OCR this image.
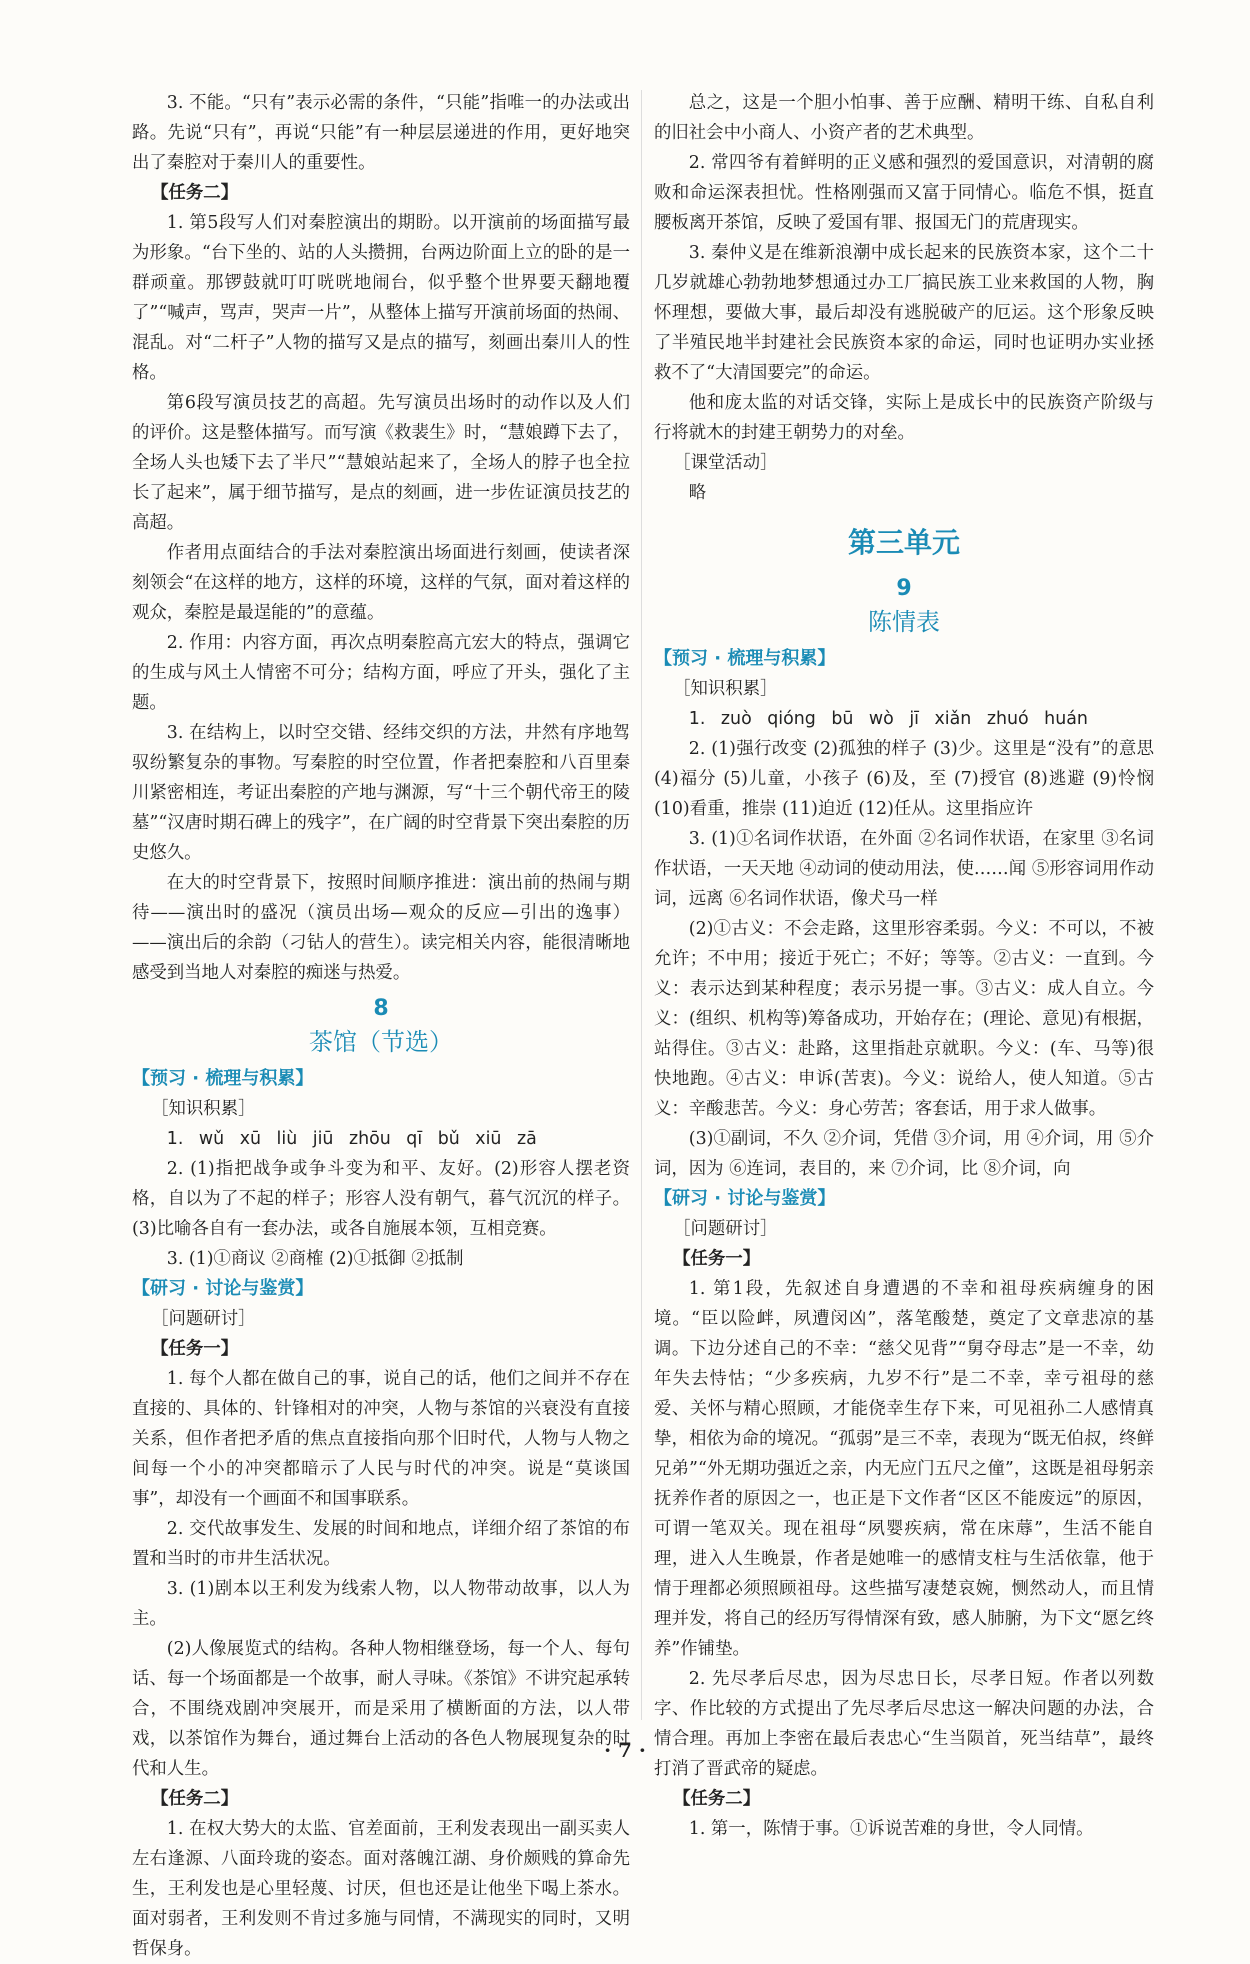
3. 不能。“只有”表示必需的条件，“只能”指唯一的办法或出路。先说“只有”，再说“只能”有一种层层递进的作用，更好地突出了秦腔对于秦川人的重要性。

【任务二】

1. 第5段写人们对秦腔演出的期盼。以开演前的场面描写最为形象。“台下坐的、站的人头攒拥，台两边阶面上立的卧的是一群顽童。那锣鼓就叮叮咣咣地闹台，似乎整个世界要天翻地覆了”“喊声，骂声，哭声一片”，从整体上描写开演前场面的热闹、混乱。对“二杆子”人物的描写又是点的描写，刻画出秦川人的性格。

第6段写演员技艺的高超。先写演员出场时的动作以及人们的评价。这是整体描写。而写演《救裴生》时，“慧娘蹲下去了，全场人头也矮下去了半尺”“慧娘站起来了，全场人的脖子也全拉长了起来”，属于细节描写，是点的刻画，进一步佐证演员技艺的高超。

作者用点面结合的手法对秦腔演出场面进行刻画，使读者深刻领会“在这样的地方，这样的环境，这样的气氛，面对着这样的观众，秦腔是最逞能的”的意蕴。

2. 作用：内容方面，再次点明秦腔高亢宏大的特点，强调它的生成与风土人情密不可分；结构方面，呼应了开头，强化了主题。

3. 在结构上，以时空交错、经纬交织的方法，井然有序地驾驭纷繁复杂的事物。写秦腔的时空位置，作者把秦腔和八百里秦川紧密相连，考证出秦腔的产地与渊源，写“十三个朝代帝王的陵墓”“汉唐时期石碑上的残字”，在广阔的时空背景下突出秦腔的历史悠久。

在大的时空背景下，按照时间顺序推进：演出前的热闹与期待——演出时的盛况（演员出场—观众的反应—引出的逸事）——演出后的余韵（刁钻人的营生）。读完相关内容，能很清晰地感受到当地人对秦腔的痴迷与热爱。

8
茶馆（节选）
【预习 · 梳理与积累】
［知识积累］

1. wǔ xū liù jiū zhōu qī bǔ xiū zā

2. (1)指把战争或争斗变为和平、友好。(2)形容人摆老资格，自以为了不起的样子；形容人没有朝气，暮气沉沉的样子。(3)比喻各自有一套办法，或各自施展本领，互相竞赛。

3. (1)①商议 ②商榷 (2)①抵御 ②抵制

【研习 · 讨论与鉴赏】
［问题研讨］
【任务一】

1. 每个人都在做自己的事，说自己的话，他们之间并不存在直接的、具体的、针锋相对的冲突，人物与茶馆的兴衰没有直接关系，但作者把矛盾的焦点直接指向那个旧时代，人物与人物之间每一个小的冲突都暗示了人民与时代的冲突。说是“莫谈国事”，却没有一个画面不和国事联系。

2. 交代故事发生、发展的时间和地点，详细介绍了茶馆的布置和当时的市井生活状况。

3. (1)剧本以王利发为线索人物，以人物带动故事，以人为主。

(2)人像展览式的结构。各种人物相继登场，每一个人、每句话、每一个场面都是一个故事，耐人寻味。《茶馆》不讲究起承转合，不围绕戏剧冲突展开，而是采用了横断面的方法，以人带戏，以茶馆作为舞台，通过舞台上活动的各色人物展现复杂的时代和人生。

【任务二】

1. 在权大势大的太监、官差面前，王利发表现出一副买卖人左右逢源、八面玲珑的姿态。面对落魄江湖、身价颇贱的算命先生，王利发也是心里轻蔑、讨厌，但也还是让他坐下喝上茶水。面对弱者，王利发则不肯过多施与同情，不满现实的同时，又明哲保身。

总之，这是一个胆小怕事、善于应酬、精明干练、自私自利的旧社会中小商人、小资产者的艺术典型。

2. 常四爷有着鲜明的正义感和强烈的爱国意识，对清朝的腐败和命运深表担忧。性格刚强而又富于同情心。临危不惧，挺直腰板离开茶馆，反映了爱国有罪、报国无门的荒唐现实。

3. 秦仲义是在维新浪潮中成长起来的民族资本家，这个二十几岁就雄心勃勃地梦想通过办工厂搞民族工业来救国的人物，胸怀理想，要做大事，最后却没有逃脱破产的厄运。这个形象反映了半殖民地半封建社会民族资本家的命运，同时也证明办实业拯救不了“大清国要完”的命运。

他和庞太监的对话交锋，实际上是成长中的民族资产阶级与行将就木的封建王朝势力的对垒。

［课堂活动］

略

第三单元
9
陈情表
【预习 · 梳理与积累】
［知识积累］

1. zuò qióng bū wò jī xiǎn zhuó huán

2. (1)强行改变 (2)孤独的样子 (3)少。这里是“没有”的意思 (4)福分 (5)儿童，小孩子 (6)及，至 (7)授官 (8)逃避 (9)怜悯 (10)看重，推崇 (11)迫近 (12)任从。这里指应许

3. (1)①名词作状语，在外面 ②名词作状语，在家里 ③名词作状语，一天天地 ④动词的使动用法，使……闻 ⑤形容词用作动词，远离 ⑥名词作状语，像犬马一样

(2)①古义：不会走路，这里形容柔弱。今义：不可以，不被允许；不中用；接近于死亡；不好；等等。②古义：一直到。今义：表示达到某种程度；表示另提一事。③古义：成人自立。今义：(组织、机构等)筹备成功，开始存在；(理论、意见)有根据，站得住。③古义：赴路，这里指赴京就职。今义：(车、马等)很快地跑。④古义：申诉(苦衷)。今义：说给人，使人知道。⑤古义：辛酸悲苦。今义：身心劳苦；客套话，用于求人做事。

(3)①副词，不久 ②介词，凭借 ③介词，用 ④介词，用 ⑤介词，因为 ⑥连词，表目的，来 ⑦介词，比 ⑧介词，向

【研习 · 讨论与鉴赏】
［问题研讨］
【任务一】

1. 第1段，先叙述自身遭遇的不幸和祖母疾病缠身的困境。“臣以险衅，夙遭闵凶”，落笔酸楚，奠定了文章悲凉的基调。下边分述自己的不幸：“慈父见背”“舅夺母志”是一不幸，幼年失去恃怙；“少多疾病，九岁不行”是二不幸，幸亏祖母的慈爱、关怀与精心照顾，才能侥幸生存下来，可见祖孙二人感情真挚，相依为命的境况。“孤弱”是三不幸，表现为“既无伯叔，终鲜兄弟”“外无期功强近之亲，内无应门五尺之僮”，这既是祖母躬亲抚养作者的原因之一，也正是下文作者“区区不能废远”的原因，可谓一笔双关。现在祖母“夙婴疾病，常在床蓐”，生活不能自理，进入人生晚景，作者是她唯一的感情支柱与生活依靠，他于情于理都必须照顾祖母。这些描写凄楚哀婉，恻然动人，而且情理并发，将自己的经历写得情深有致，感人肺腑，为下文“愿乞终养”作铺垫。

2. 先尽孝后尽忠，因为尽忠日长，尽孝日短。作者以列数字、作比较的方式提出了先尽孝后尽忠这一解决问题的办法，合情合理。再加上李密在最后表忠心“生当陨首，死当结草”，最终打消了晋武帝的疑虑。

【任务二】

1. 第一，陈情于事。①诉说苦难的身世，令人同情。

· 7 ·
